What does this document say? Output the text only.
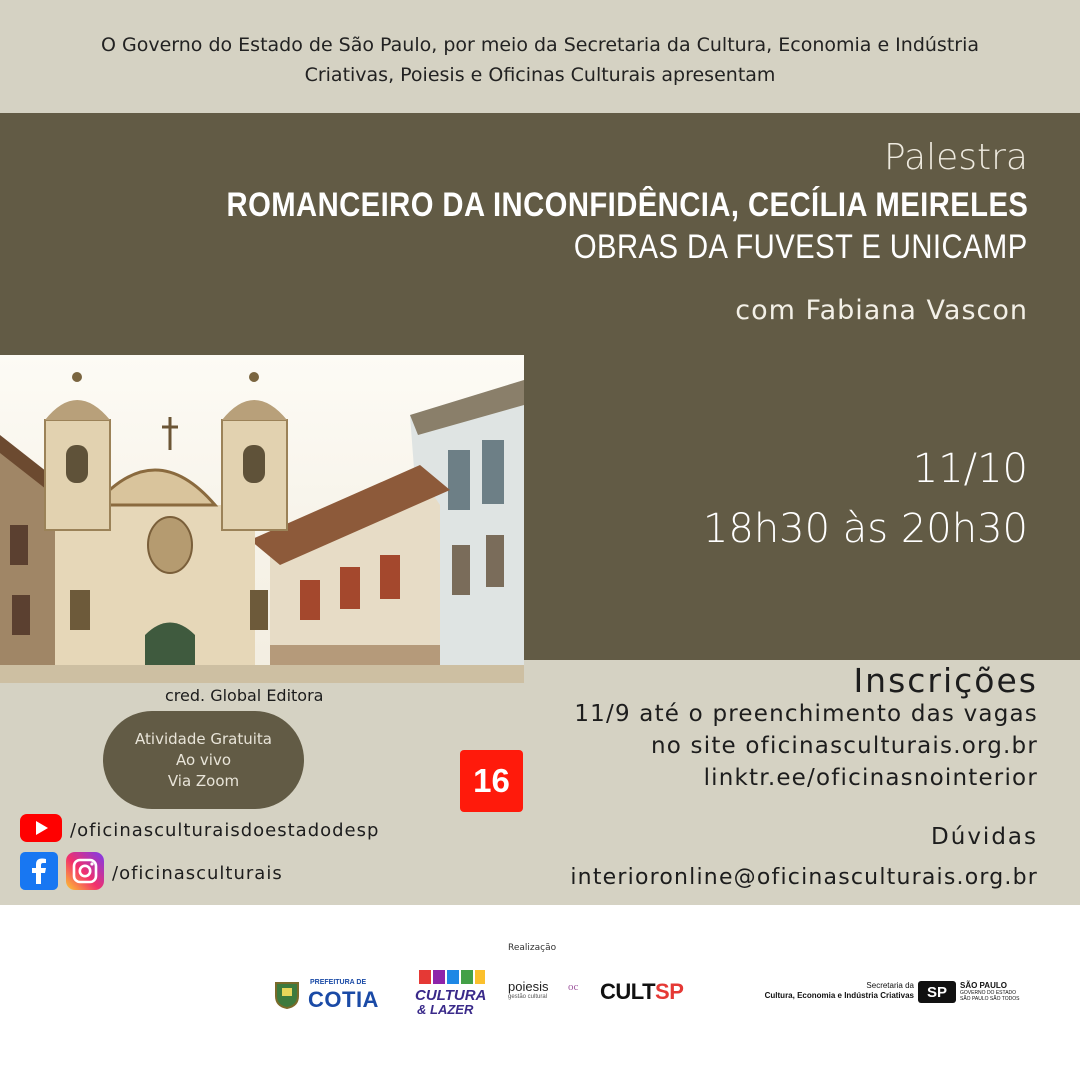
O Governo do Estado de São Paulo, por meio da Secretaria da Cultura, Economia e Indústria
Criativas, Poiesis e Oficinas Culturais apresentam
Palestra
ROMANCEIRO DA INCONFIDÊNCIA, CECÍLIA MEIRELES
OBRAS DA FUVEST E UNICAMP
com Fabiana Vascon
11/10
18h30 às 20h30
cred. Global Editora
Atividade Gratuita
Ao vivo
Via Zoom	16
Inscrições
11/9 até o preenchimento das vagas
no site oficinasculturais.org.br
linktr.ee/oficinasnointerior
Dúvidas
interioronline@oficinasculturais.org.br
/oficinasculturaisdoestadodesp
/oficinasculturais
Realização
PREFEITURA DE
COTIA CULTURA
& LAZER
poiesis
gestão cultural
oc CULTSP	Secretaria da
Cultura, Economia e Indústria Criativas SP	SÃO PAULO
GOVERNO DO ESTADO
SÃO PAULO SÃO TODOS
